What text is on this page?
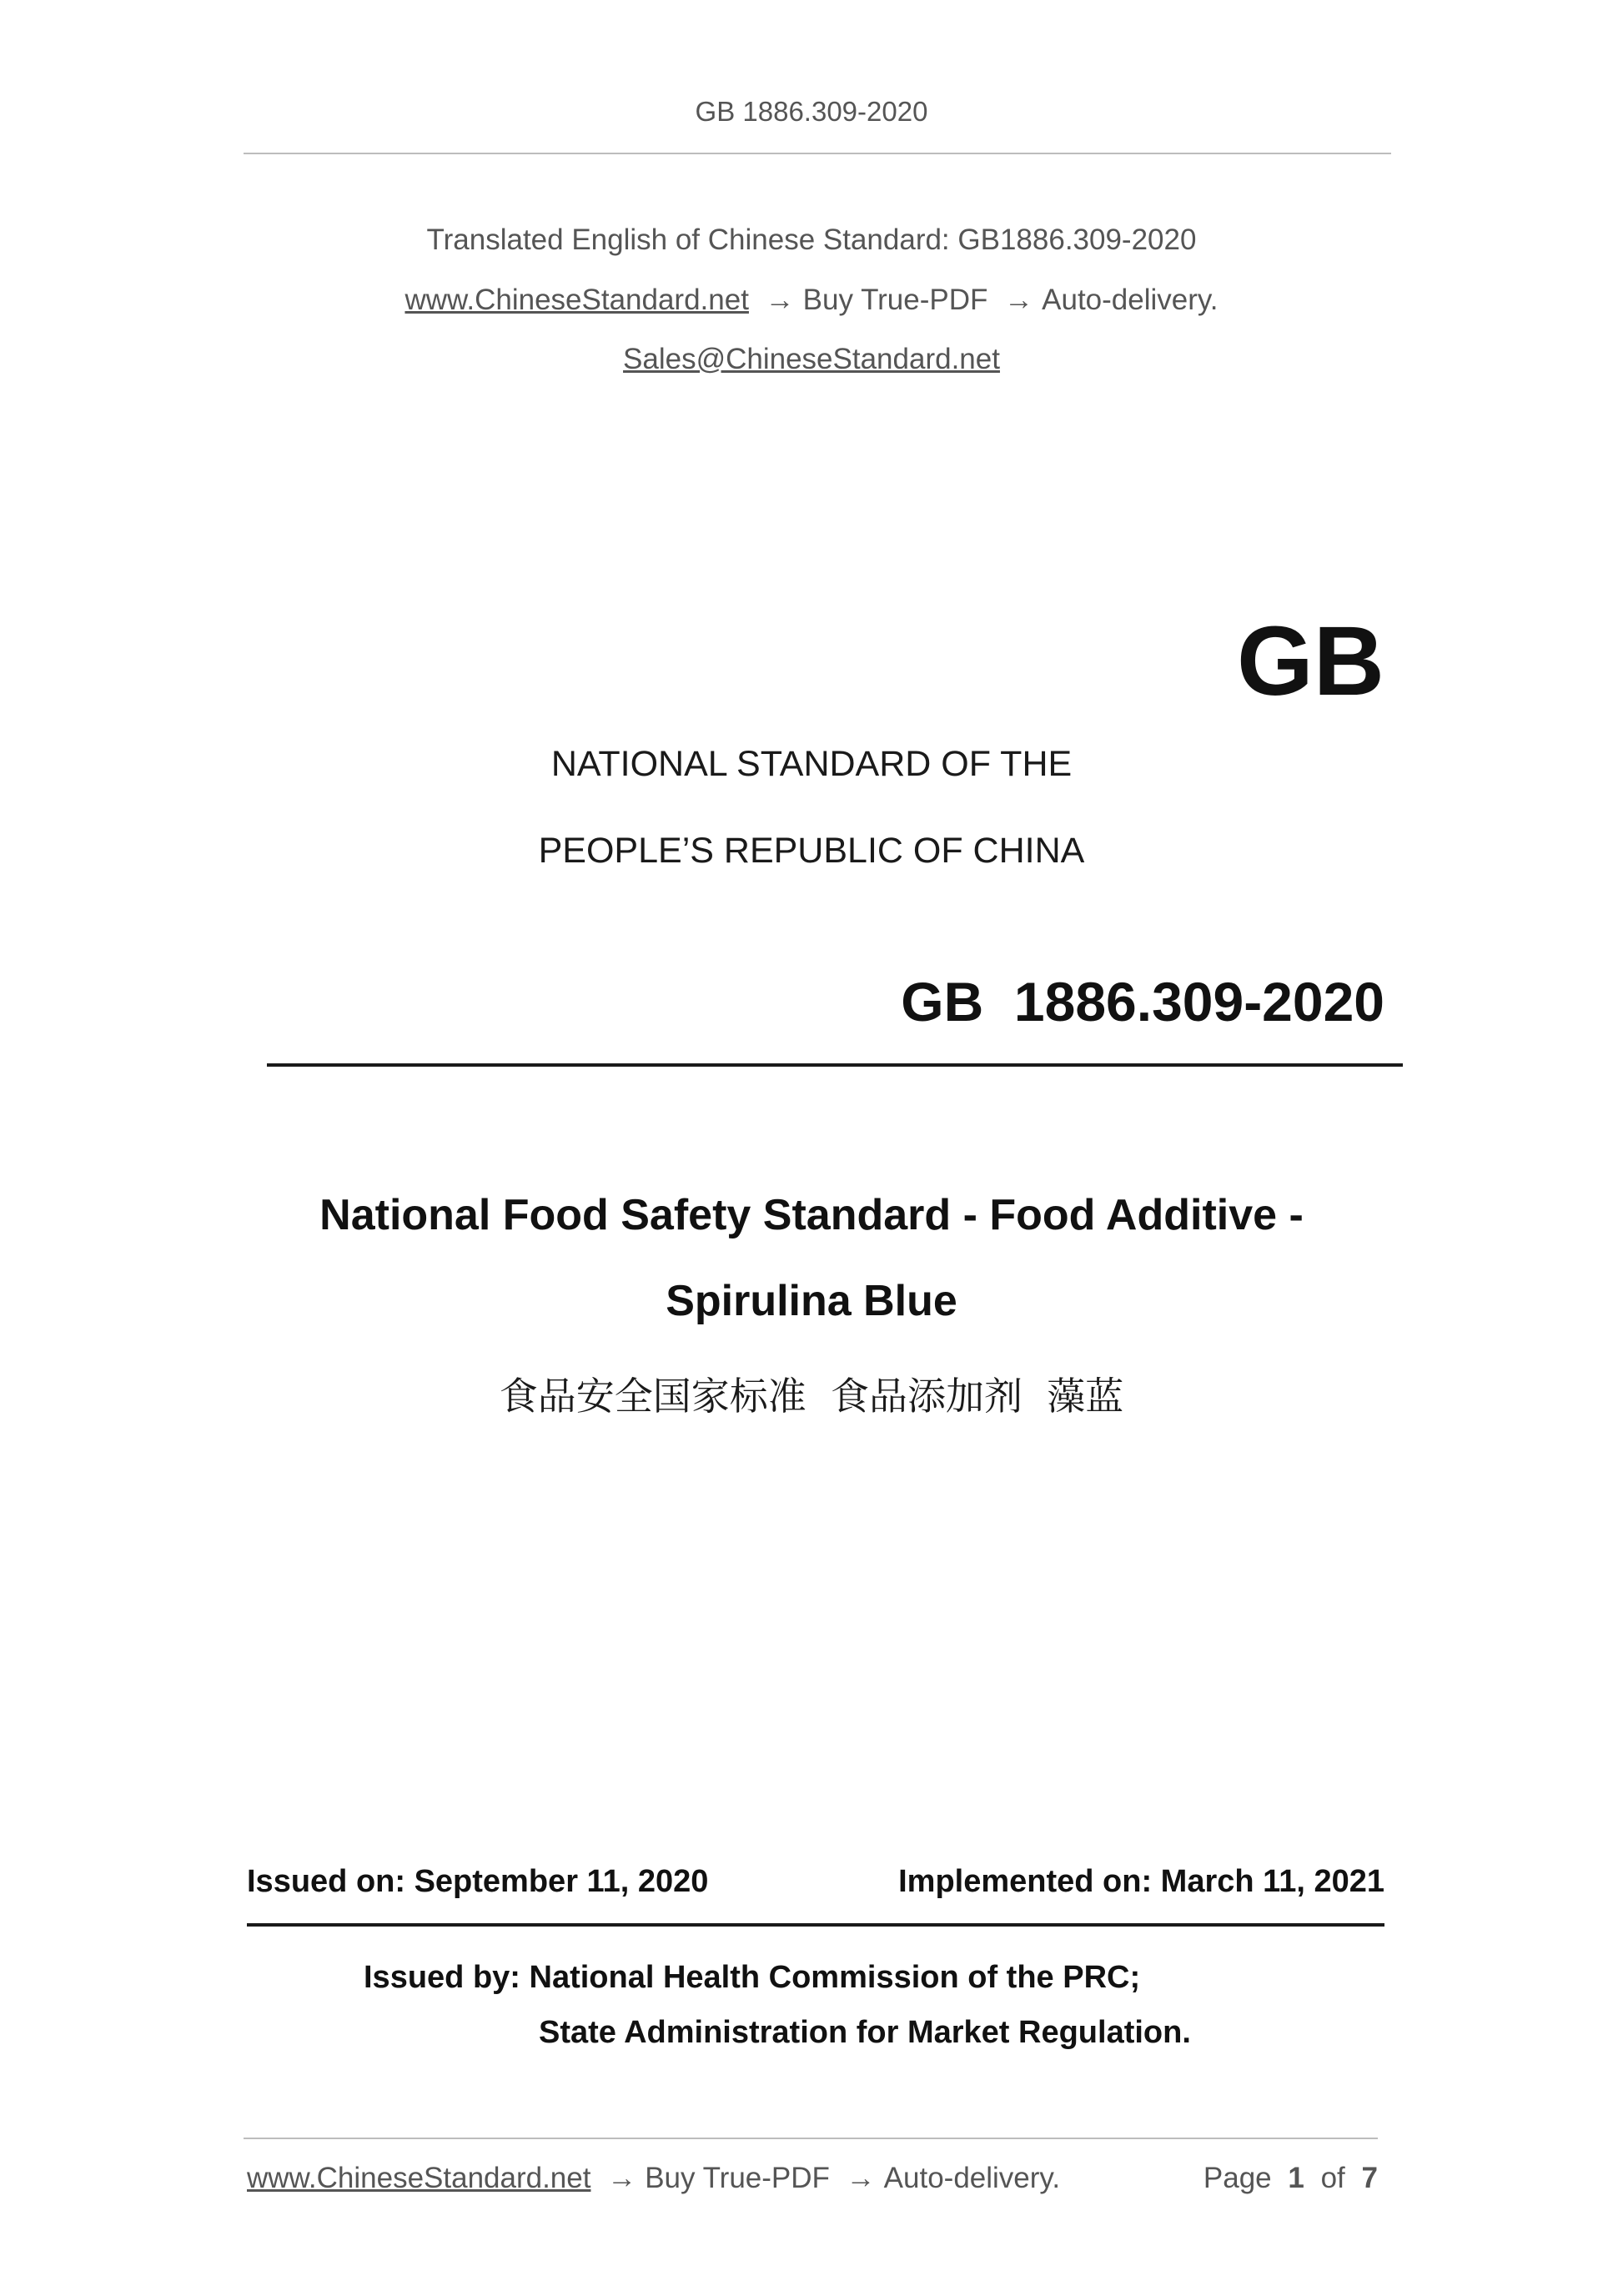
GB 1886.309-2020
Translated English of Chinese Standard: GB1886.309-2020
www.ChineseStandard.net → Buy True-PDF → Auto-delivery.
Sales@ChineseStandard.net
GB
NATIONAL STANDARD OF THE
PEOPLE’S REPUBLIC OF CHINA
GB  1886.309-2020
National Food Safety Standard - Food Additive -
Spirulina Blue
食品安全国家标准  食品添加剂  藻蓝
Issued on: September 11, 2020	Implemented on: March 11, 2021
Issued by: National Health Commission of the PRC;
State Administration for Market Regulation.
www.ChineseStandard.net → Buy True-PDF → Auto-delivery.	Page 1 of 7
